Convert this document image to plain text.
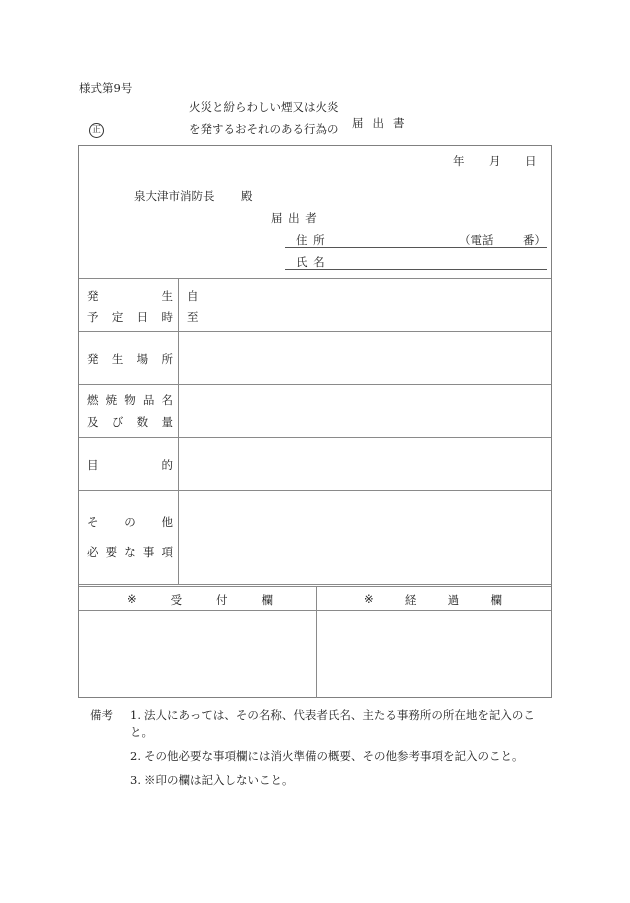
様式第9号
正
火災と紛らわしい煙又は火炎
を発するおそれのある行為の 届出書
年 月 日
泉大津市消防長 殿
届 出 者
住 所	（電話	番）
氏 名
発	生
予 定 日 時
自
至
発 生 場 所
燃 焼 物 品 名
及 び 数 量
目	的
そ の 他
必 要 な 事 項
※	受	付	欄	※	経	過	欄
備考 1. 法人にあっては、その名称、代表者氏名、主たる事務所の所在地を記入のこと。
2. その他必要な事項欄には消火準備の概要、その他参考事項を記入のこと。
3. ※印の欄は記入しないこと。
